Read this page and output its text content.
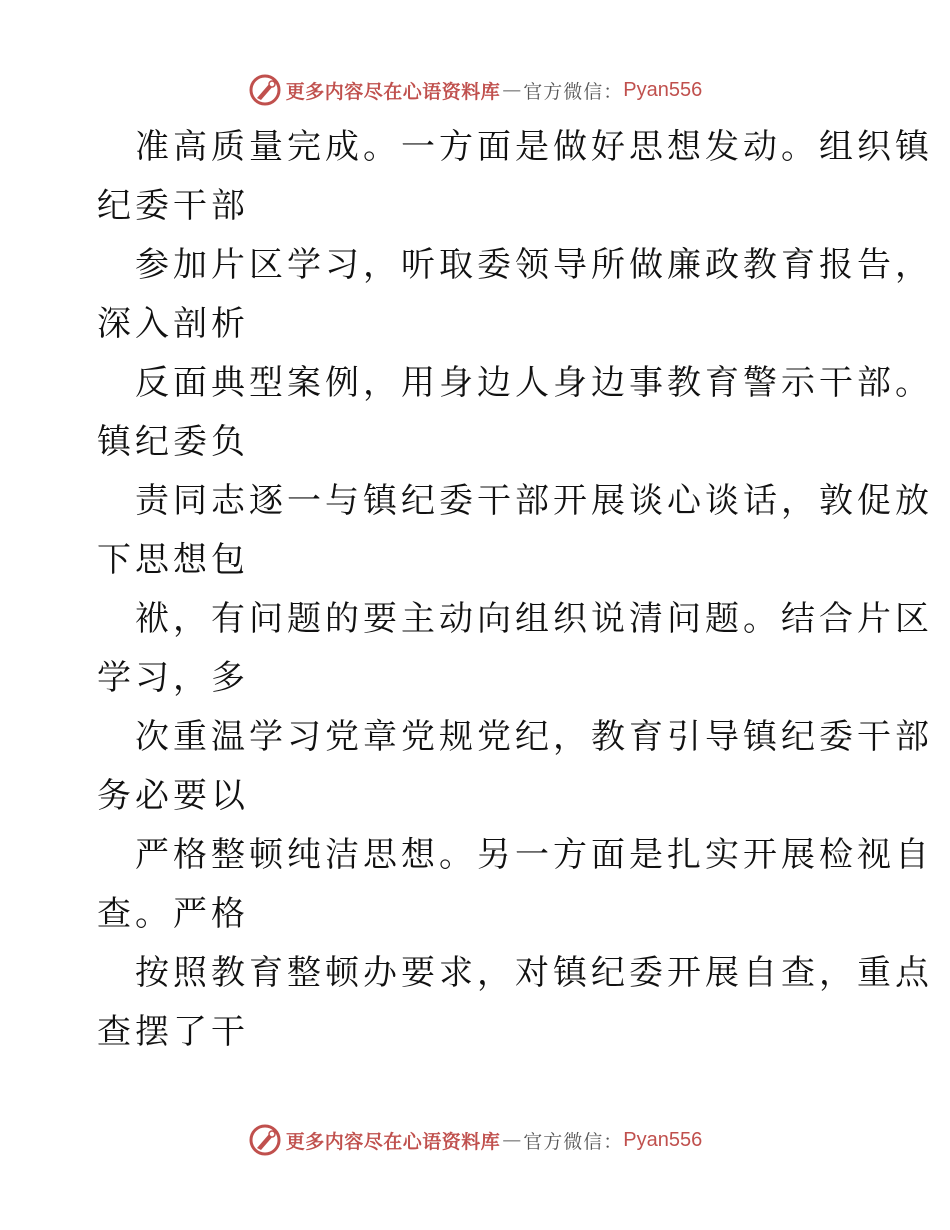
更多内容尽在心语资料库 — 官方微信： Pyan556
准高质量完成。一方面是做好思想发动。组织镇
纪委干部
参加片区学习，听取委领导所做廉政教育报告，
深入剖析
反面典型案例，用身边人身边事教育警示干部。
镇纪委负
责同志逐一与镇纪委干部开展谈心谈话，敦促放
下思想包
袱，有问题的要主动向组织说清问题。结合片区
学习，多
次重温学习党章党规党纪，教育引导镇纪委干部
务必要以
严格整顿纯洁思想。另一方面是扎实开展检视自
查。严格
按照教育整顿办要求，对镇纪委开展自查，重点
查摆了干
更多内容尽在心语资料库 — 官方微信： Pyan556
